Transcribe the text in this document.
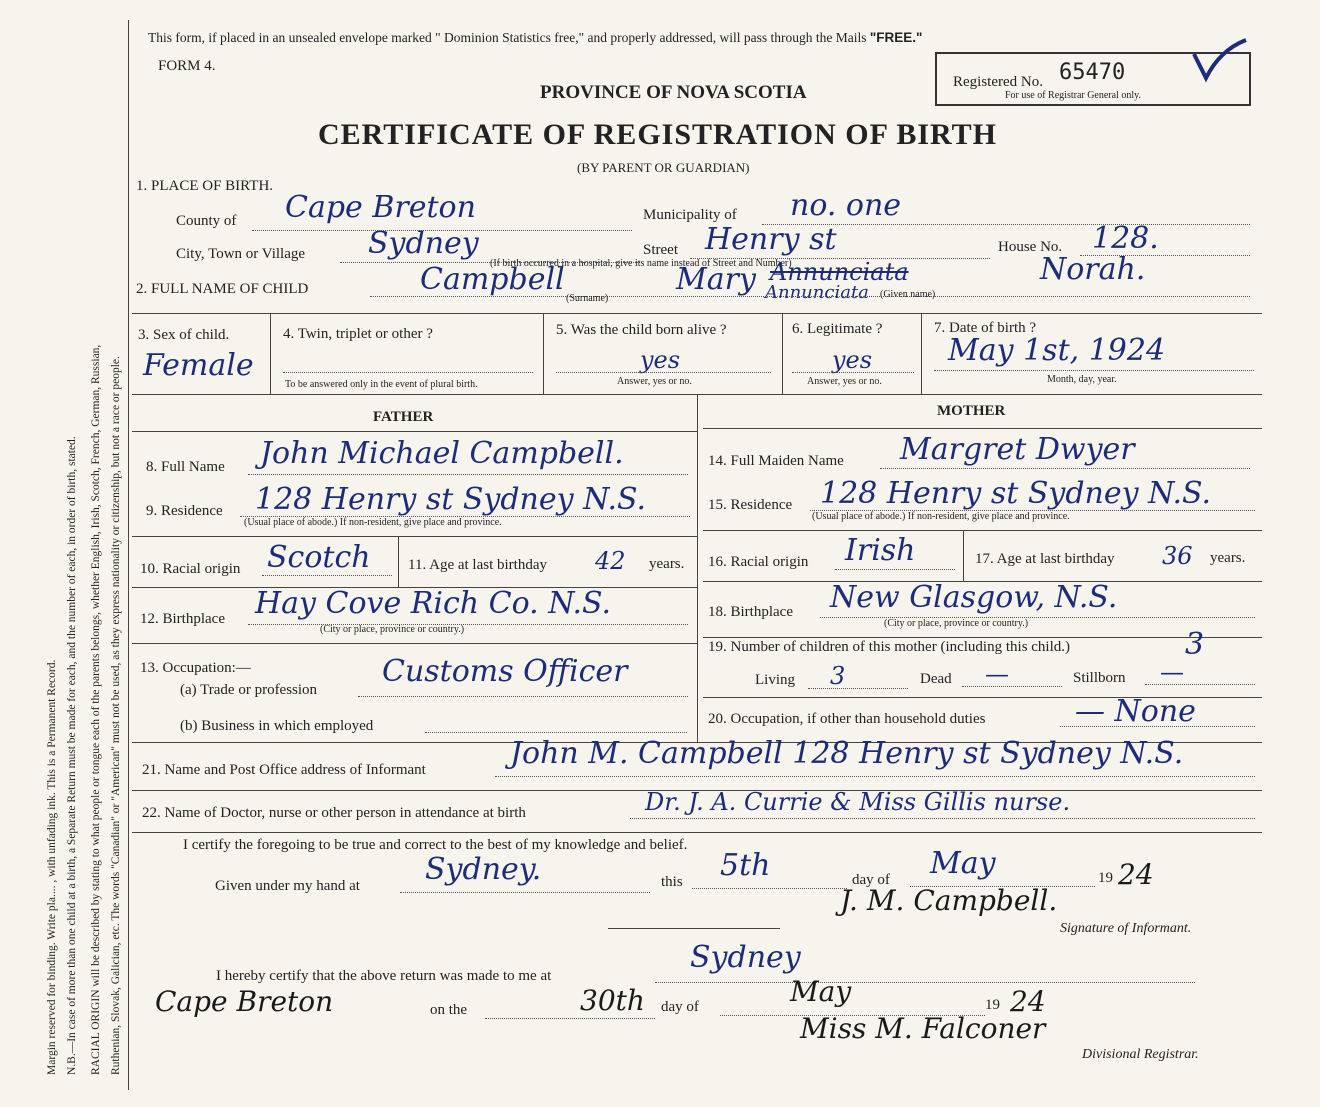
Margin reserved for binding. Write pla.... , with unfading ink. This is a Permanent Record. N.B.—In case of more than one child at a birth, a Separate Return must be made for each, and the number of each, in order of birth, stated. RACIAL ORIGIN will be described by stating to what people or tongue each of the parents belongs, whether English, Irish, Scotch, French, German, Russian, Ruthenian, Slovak, Galician, etc. The words "Canadian" or "American" must not be used, as they express nationality or citizenship, but not a race or people.
This form, if placed in an unsealed envelope marked " Dominion Statistics free," and properly addressed, will pass through the Mails "FREE."
FORM 4.
PROVINCE OF NOVA SCOTIA
CERTIFICATE OF REGISTRATION OF BIRTH
(BY PARENT OR GUARDIAN)
Registered No. 65470
For use of Registrar General only.
1. PLACE OF BIRTH.
County of Cape Breton	Municipality of no. one
City, Town or Village Sydney	Street Henry st	House No. 128.
(If birth occurred in a hospital, give its name instead of Street and Number)
2. FULL NAME OF CHILD	Campbell	Mary Annunciata	Norah.
Annunciata
(Surname)	(Given name)
3. Sex of child.
Female
4. Twin, triplet or other ?
To be answered only in the event of plural birth.
5. Was the child born alive ?
yes
Answer, yes or no.
6. Legitimate ?
yes
Answer, yes or no.
7. Date of birth ?
May 1st, 1924
Month, day, year.
FATHER	MOTHER
8. Full Name John Michael Campbell.
9. Residence 128 Henry st Sydney N.S.
(Usual place of abode.) If non-resident, give place and province.
10. Racial origin Scotch 11. Age at last birthday 42 years.
12. Birthplace Hay Cove Rich Co. N.S.
(City or place, province or country.)
13. Occupation:—
(a) Trade or profession
Customs Officer
(b) Business in which employed
14. Full Maiden Name Margret Dwyer
15. Residence 128 Henry st Sydney N.S.
(Usual place of abode.) If non-resident, give place and province.
16. Racial origin Irish	17. Age at last birthday 36 years.
18. Birthplace New Glasgow, N.S.
(City or place, province or country.)
19. Number of children of this mother (including this child.)	3
Living 3	Dead —	Stillborn —
20. Occupation, if other than household duties	— None
21. Name and Post Office address of Informant	John M. Campbell 128 Henry st Sydney N.S.
22. Name of Doctor, nurse or other person in attendance at birth	Dr. J. A. Currie & Miss Gillis nurse.
I certify the foregoing to be true and correct to the best of my knowledge and belief.
Given under my hand at Sydney.	this 5th	day of May	19 24
J. M. Campbell.
Signature of Informant.
I hereby certify that the above return was made to me at
Sydney
Cape Breton	on the	30th day of	May	19 24
Miss M. Falconer
Divisional Registrar.
